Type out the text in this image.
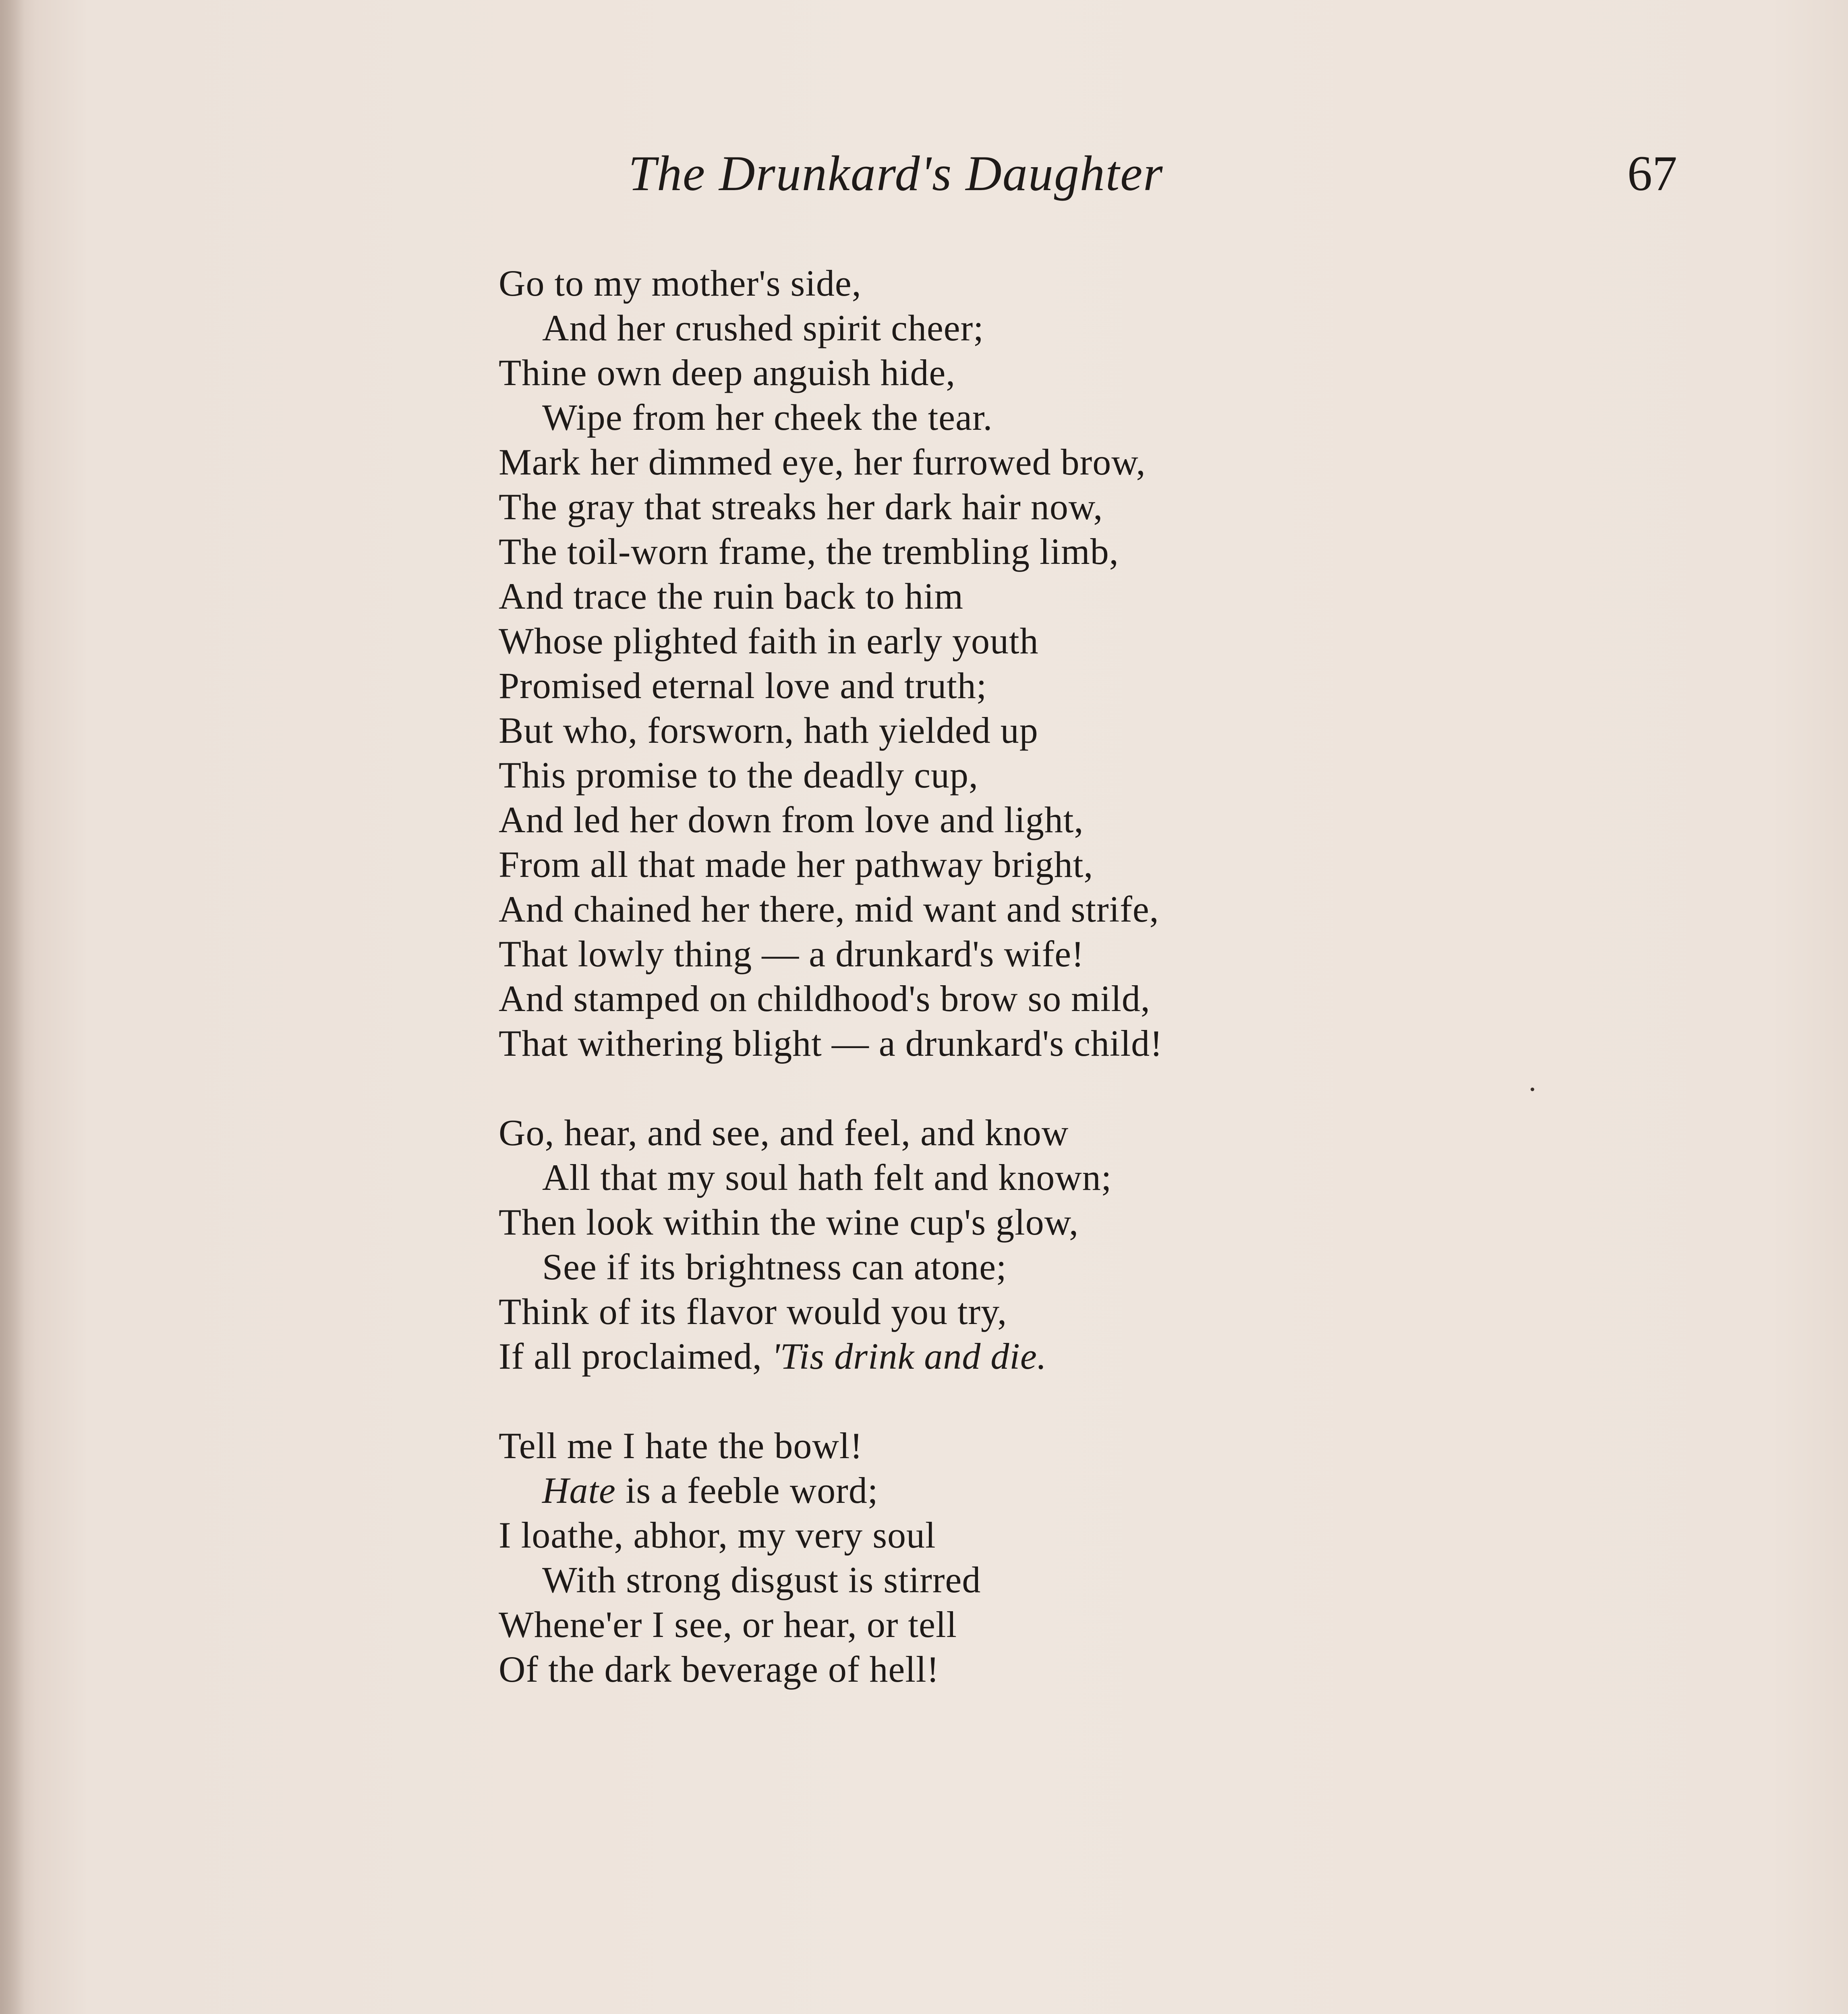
The Drunkard's Daughter	67
Go to my mother's side,
And her crushed spirit cheer;
Thine own deep anguish hide,
Wipe from her cheek the tear.
Mark her dimmed eye, her furrowed brow,
The gray that streaks her dark hair now,
The toil-worn frame, the trembling limb,
And trace the ruin back to him
Whose plighted faith in early youth
Promised eternal love and truth;
But who, forsworn, hath yielded up
This promise to the deadly cup,
And led her down from love and light,
From all that made her pathway bright,
And chained her there, mid want and strife,
That lowly thing — a drunkard's wife!
And stamped on childhood's brow so mild,
That withering blight — a drunkard's child!
Go, hear, and see, and feel, and know
All that my soul hath felt and known;
Then look within the wine cup's glow,
See if its brightness can atone;
Think of its flavor would you try,
If all proclaimed, 'Tis drink and die.
Tell me I hate the bowl!
Hate is a feeble word;
I loathe, abhor, my very soul
With strong disgust is stirred
Whene'er I see, or hear, or tell
Of the dark beverage of hell!
